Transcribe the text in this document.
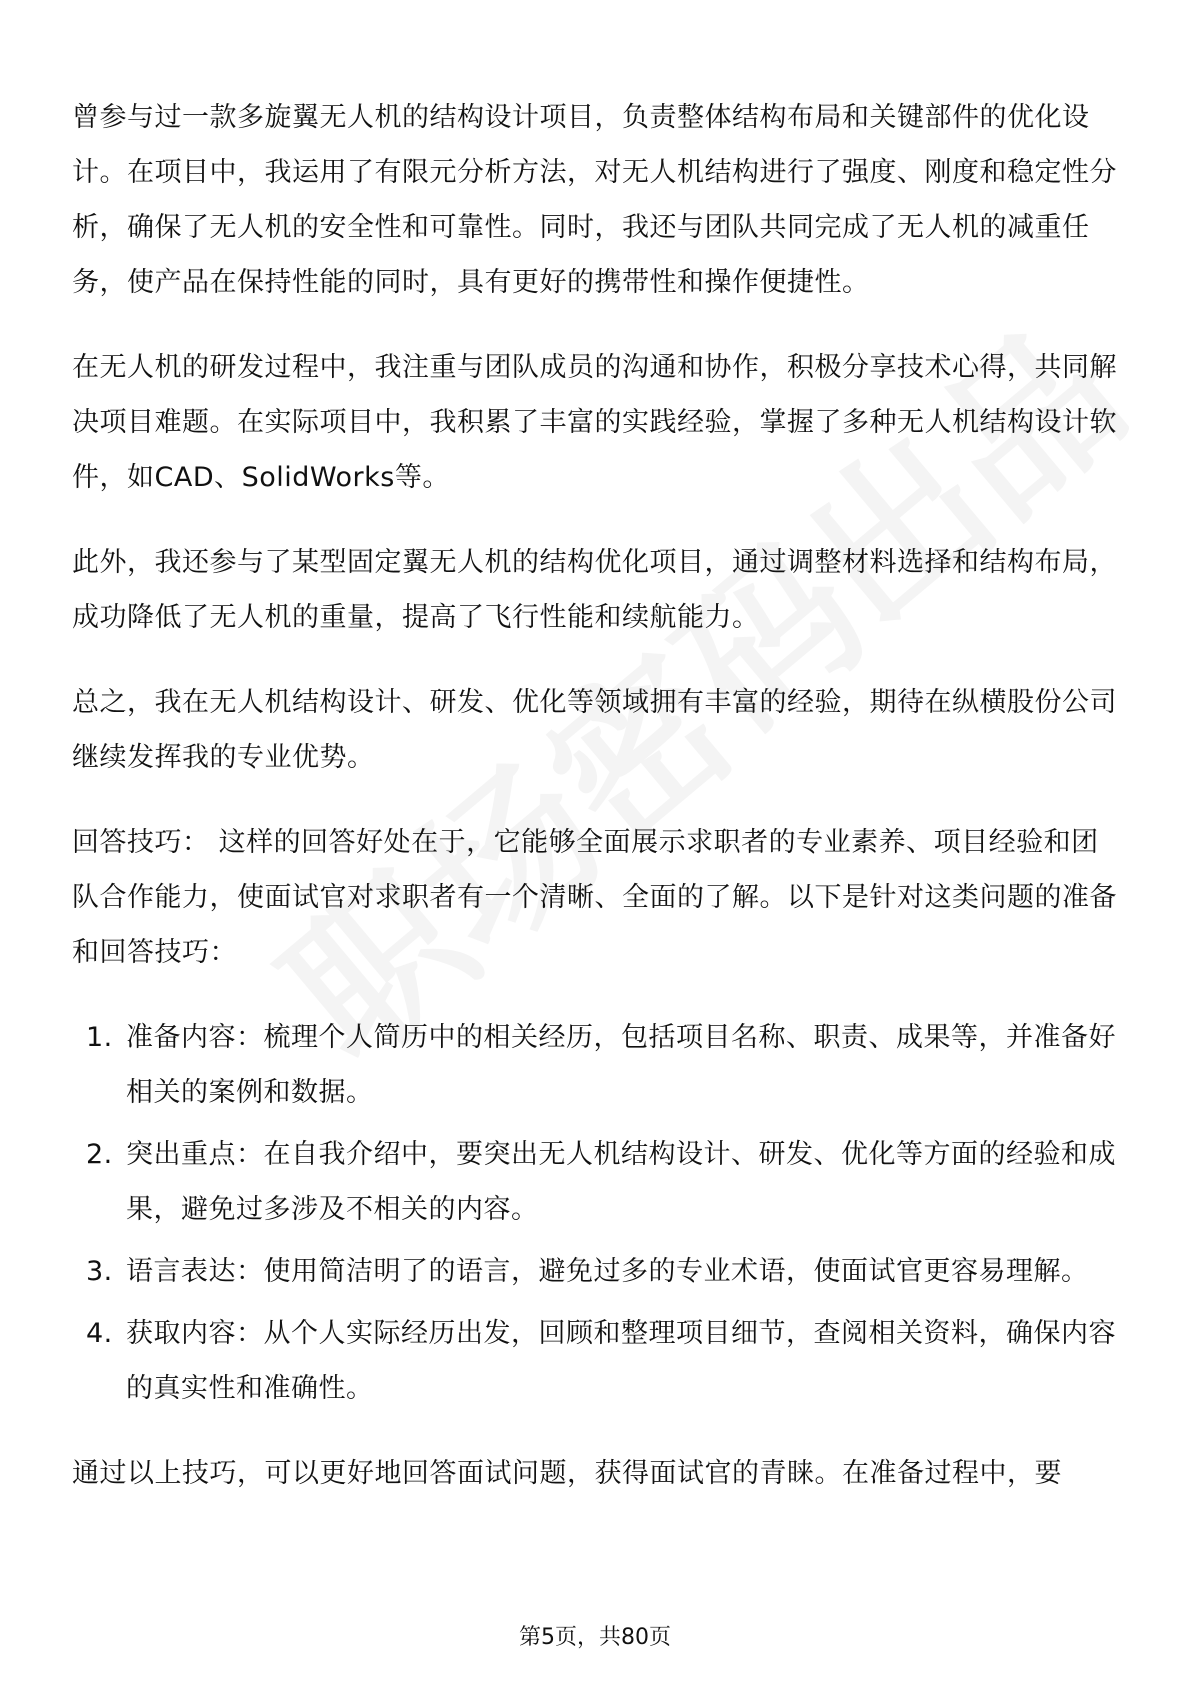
曾参与过一款多旋翼无人机的结构设计项目，负责整体结构布局和关键部件的优化设计。在项目中，我运用了有限元分析方法，对无人机结构进行了强度、刚度和稳定性分析，确保了无人机的安全性和可靠性。同时，我还与团队共同完成了无人机的减重任务，使产品在保持性能的同时，具有更好的携带性和操作便捷性。

在无人机的研发过程中，我注重与团队成员的沟通和协作，积极分享技术心得，共同解决项目难题。在实际项目中，我积累了丰富的实践经验，掌握了多种无人机结构设计软件，如CAD、SolidWorks等。

此外，我还参与了某型固定翼无人机的结构优化项目，通过调整材料选择和结构布局，成功降低了无人机的重量，提高了飞行性能和续航能力。

总之，我在无人机结构设计、研发、优化等领域拥有丰富的经验，期待在纵横股份公司继续发挥我的专业优势。

回答技巧： 这样的回答好处在于，它能够全面展示求职者的专业素养、项目经验和团队合作能力，使面试官对求职者有一个清晰、全面的了解。以下是针对这类问题的准备和回答技巧：

1. 准备内容：梳理个人简历中的相关经历，包括项目名称、职责、成果等，并准备好相关的案例和数据。
2. 突出重点：在自我介绍中，要突出无人机结构设计、研发、优化等方面的经验和成果，避免过多涉及不相关的内容。
3. 语言表达：使用简洁明了的语言，避免过多的专业术语，使面试官更容易理解。
4. 获取内容：从个人实际经历出发，回顾和整理项目细节，查阅相关资料，确保内容的真实性和准确性。

通过以上技巧，可以更好地回答面试问题，获得面试官的青睐。在准备过程中，要

第5页，共80页
